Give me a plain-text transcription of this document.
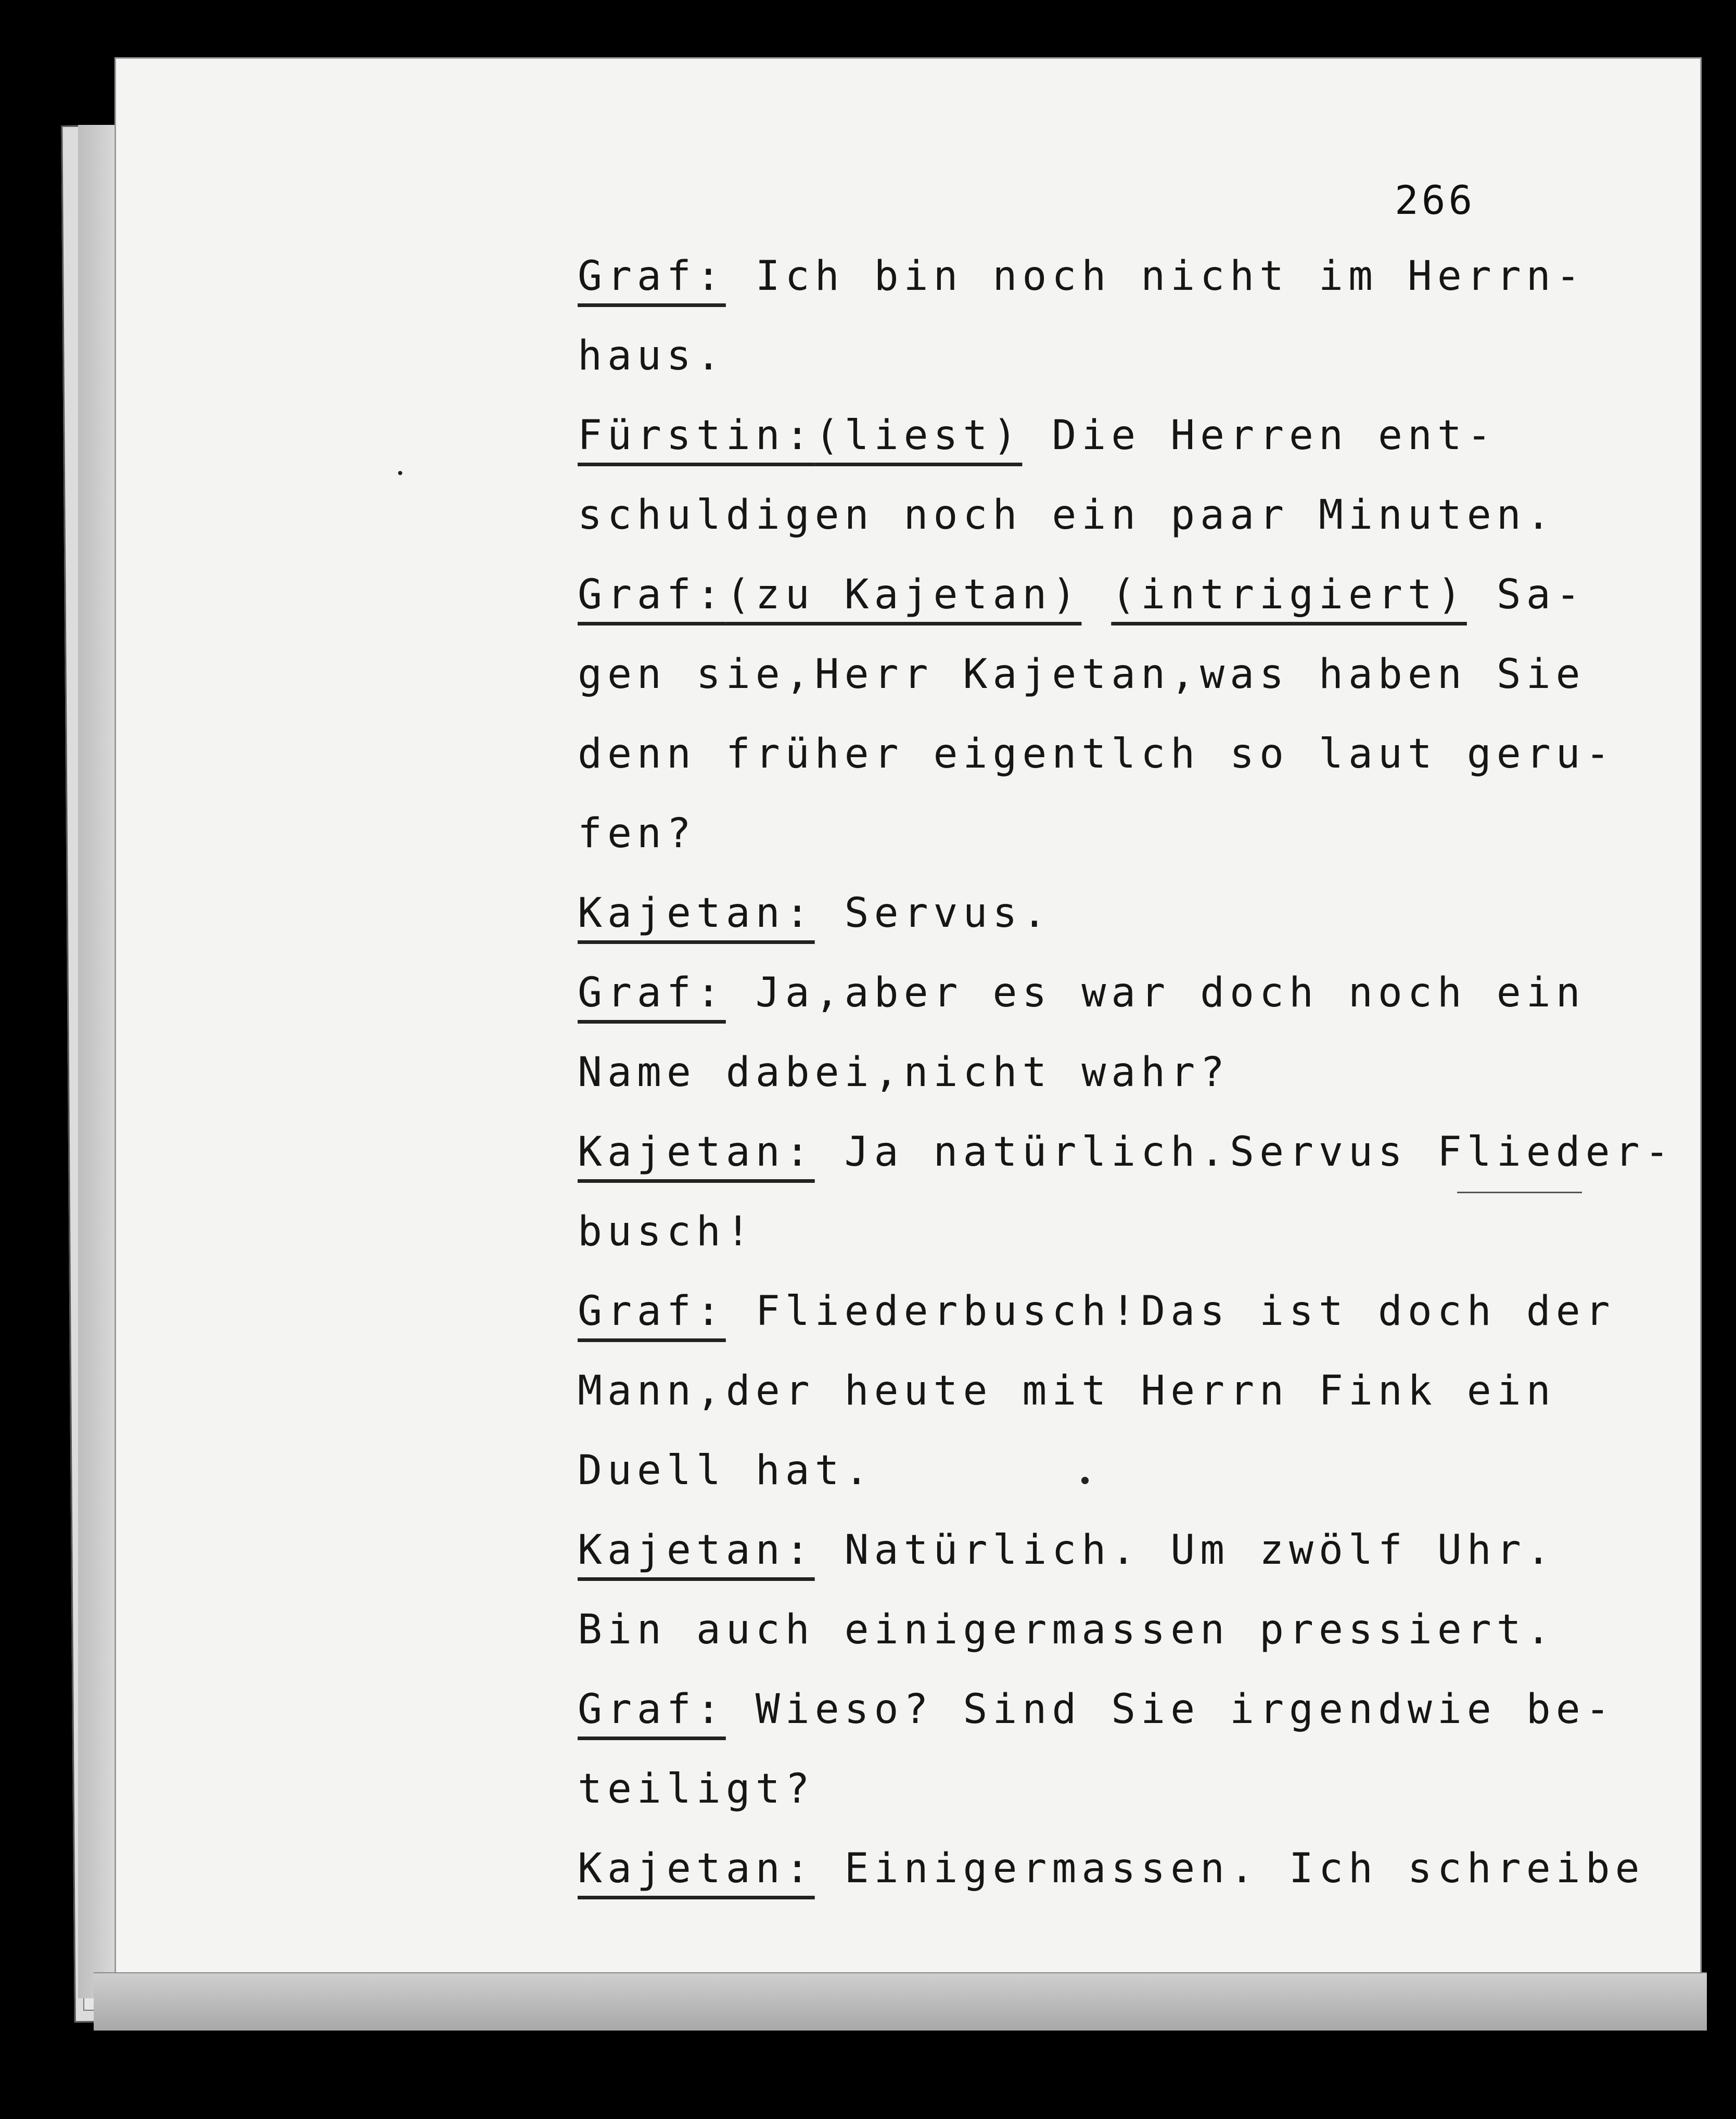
266
Graf: Ich bin noch nicht im Herrn-
haus.
Fürstin:(liest) Die Herren ent-
schuldigen noch ein paar Minuten.
Graf:(zu Kajetan) (intrigiert) Sa-
gen sie,Herr Kajetan,was haben Sie
denn früher eigentlch so laut geru-
fen?
Kajetan: Servus.
Graf: Ja,aber es war doch noch ein
Name dabei,nicht wahr?
Kajetan: Ja natürlich.Servus Flieder-
busch!
Graf: Fliederbusch!Das ist doch der
Mann,der heute mit Herrn Fink ein
Duell hat.
Kajetan: Natürlich. Um zwölf Uhr.
Bin auch einigermassen pressiert.
Graf: Wieso? Sind Sie irgendwie be-
teiligt?
Kajetan: Einigermassen. Ich schreibe
